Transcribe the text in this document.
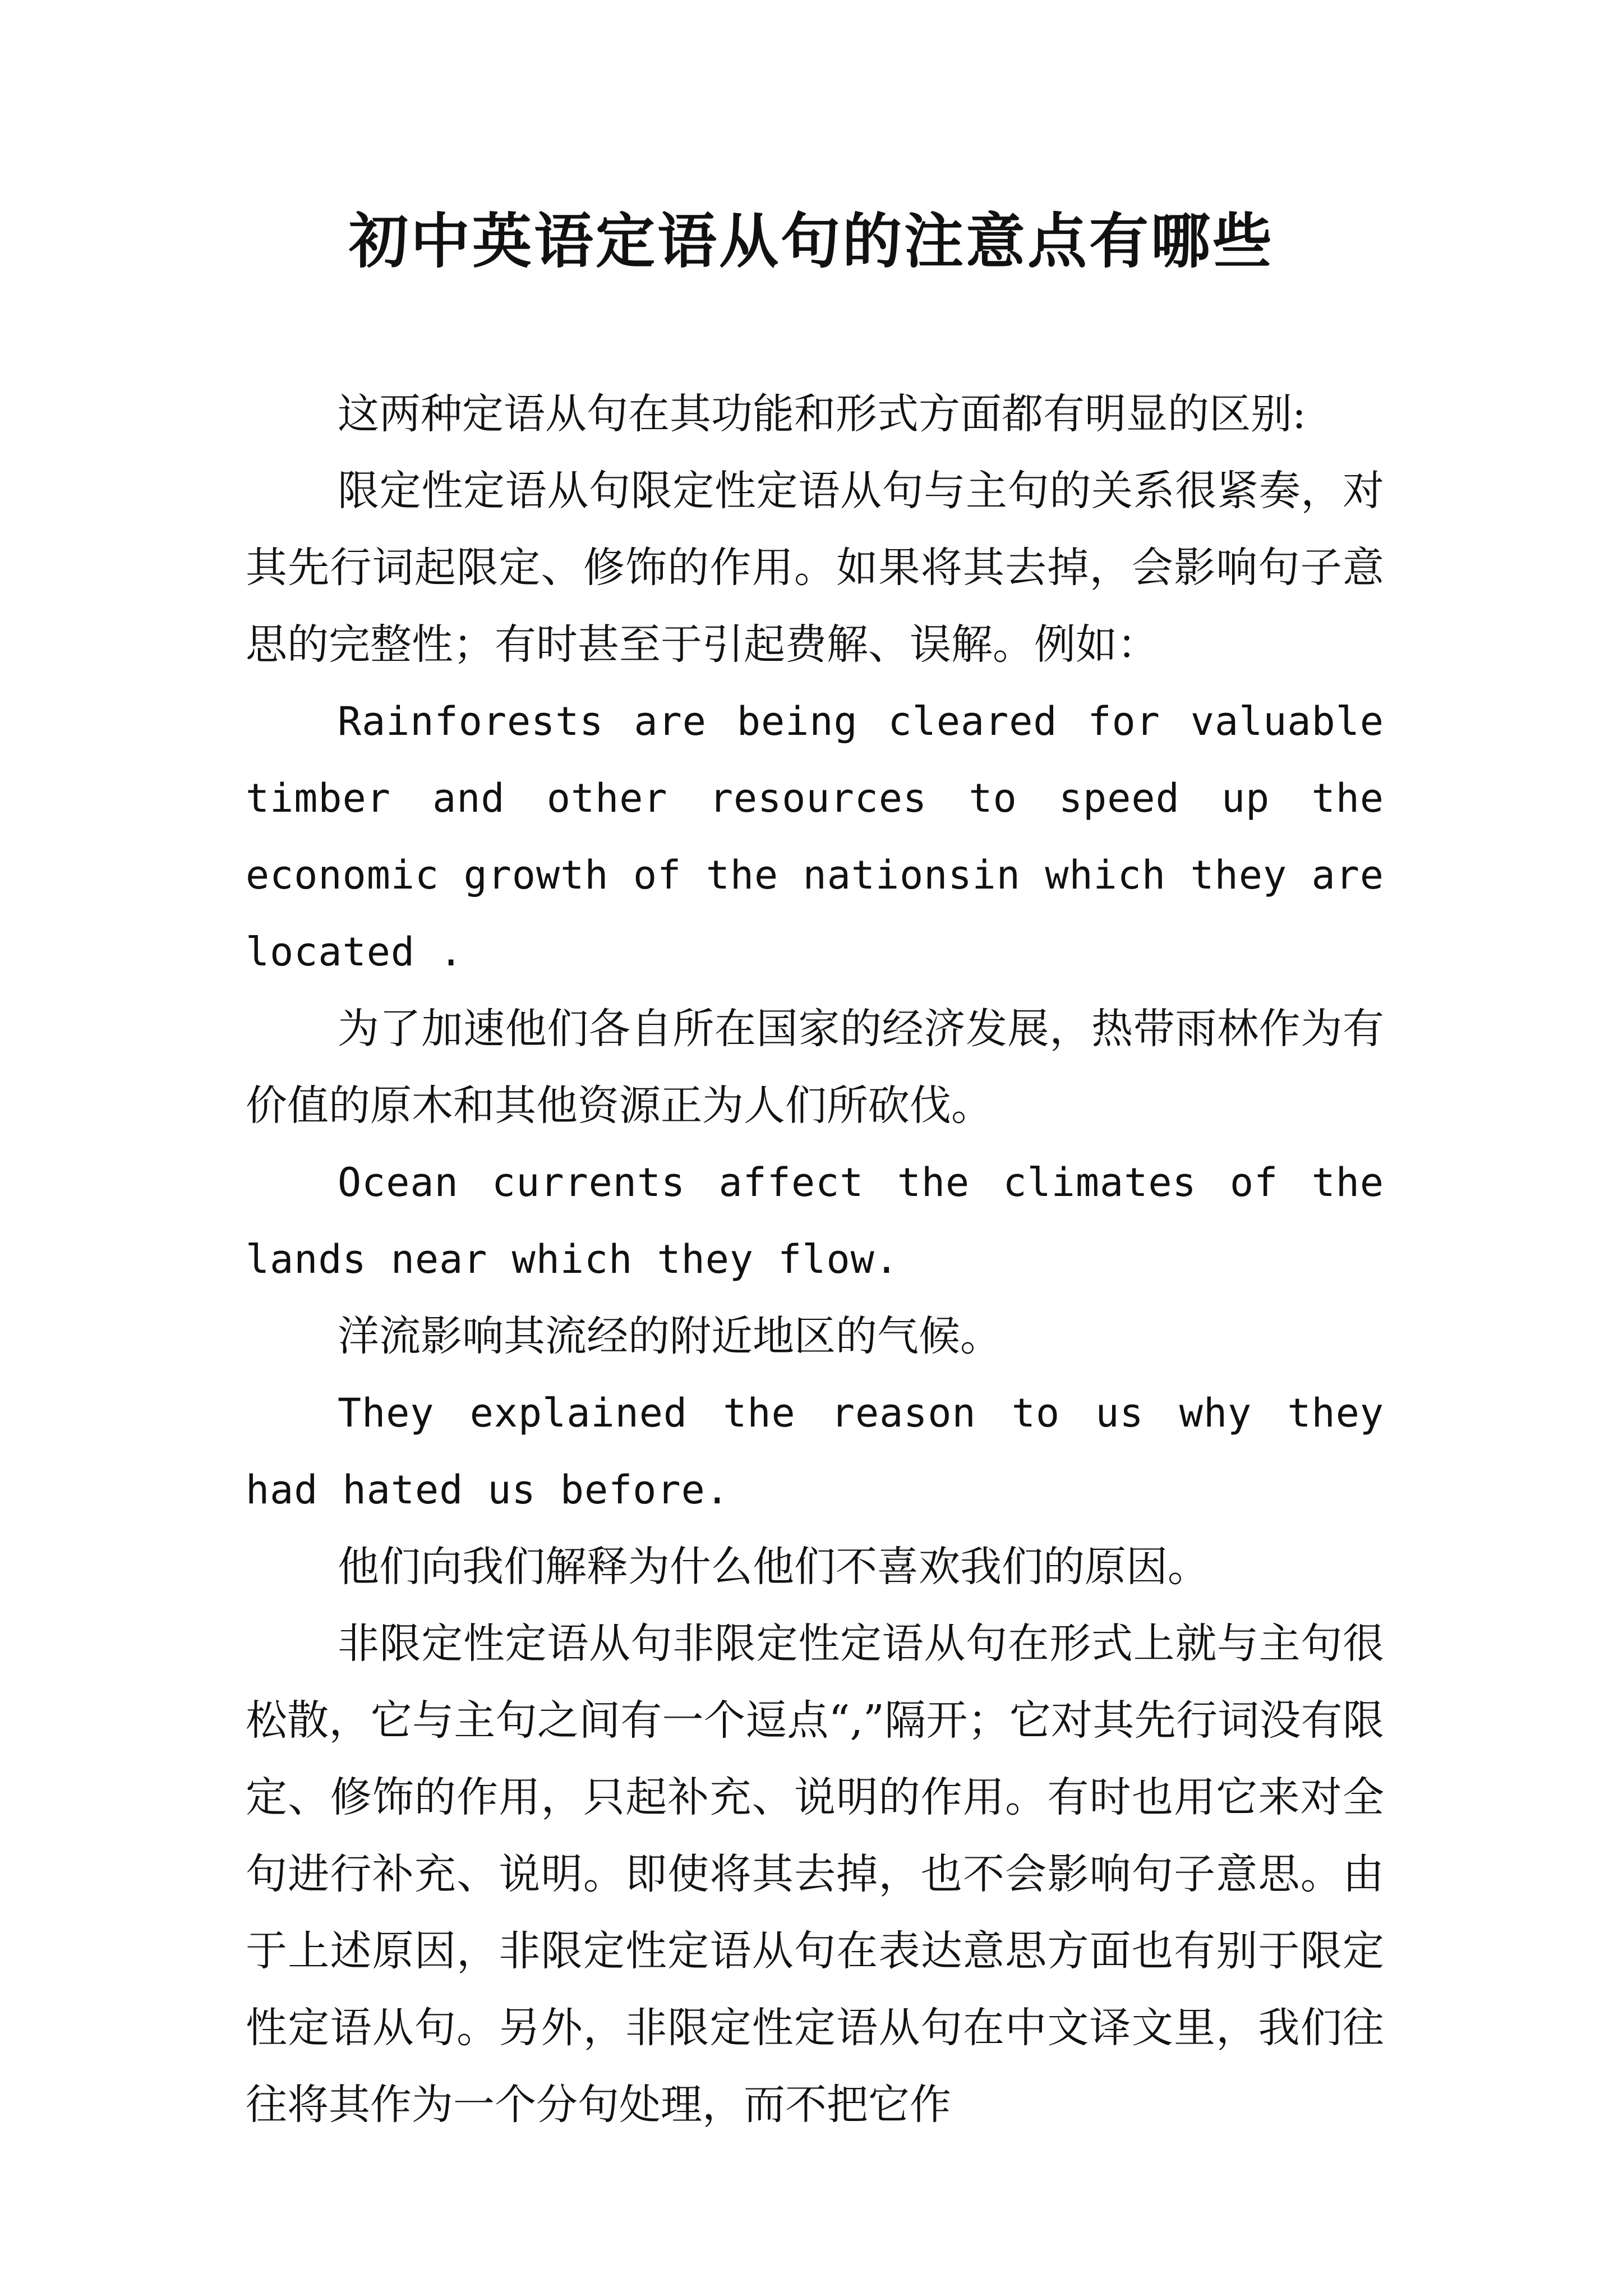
初中英语定语从句的注意点有哪些

这两种定语从句在其功能和形式方面都有明显的区别:

限定性定语从句限定性定语从句与主句的关系很紧奏，对其先行词起限定、修饰的作用。如果将其去掉，会影响句子意思的完整性；有时甚至于引起费解、误解。例如：

Rainforests are being cleared for valuable timber and other resources to speed up the economic growth of the nationsin which they are located .

为了加速他们各自所在国家的经济发展，热带雨林作为有价值的原木和其他资源正为人们所砍伐。

Ocean currents affect the climates of the lands near which they flow.

洋流影响其流经的附近地区的气候。

They explained the reason to us why they had hated us before.

他们向我们解释为什么他们不喜欢我们的原因。

非限定性定语从句非限定性定语从句在形式上就与主句很松散，它与主句之间有一个逗点“,”隔开；它对其先行词没有限定、修饰的作用，只起补充、说明的作用。有时也用它来对全句进行补充、说明。即使将其去掉，也不会影响句子意思。由于上述原因，非限定性定语从句在表达意思方面也有别于限定性定语从句。另外，非限定性定语从句在中文译文里，我们往往将其作为一个分句处理，而不把它作
